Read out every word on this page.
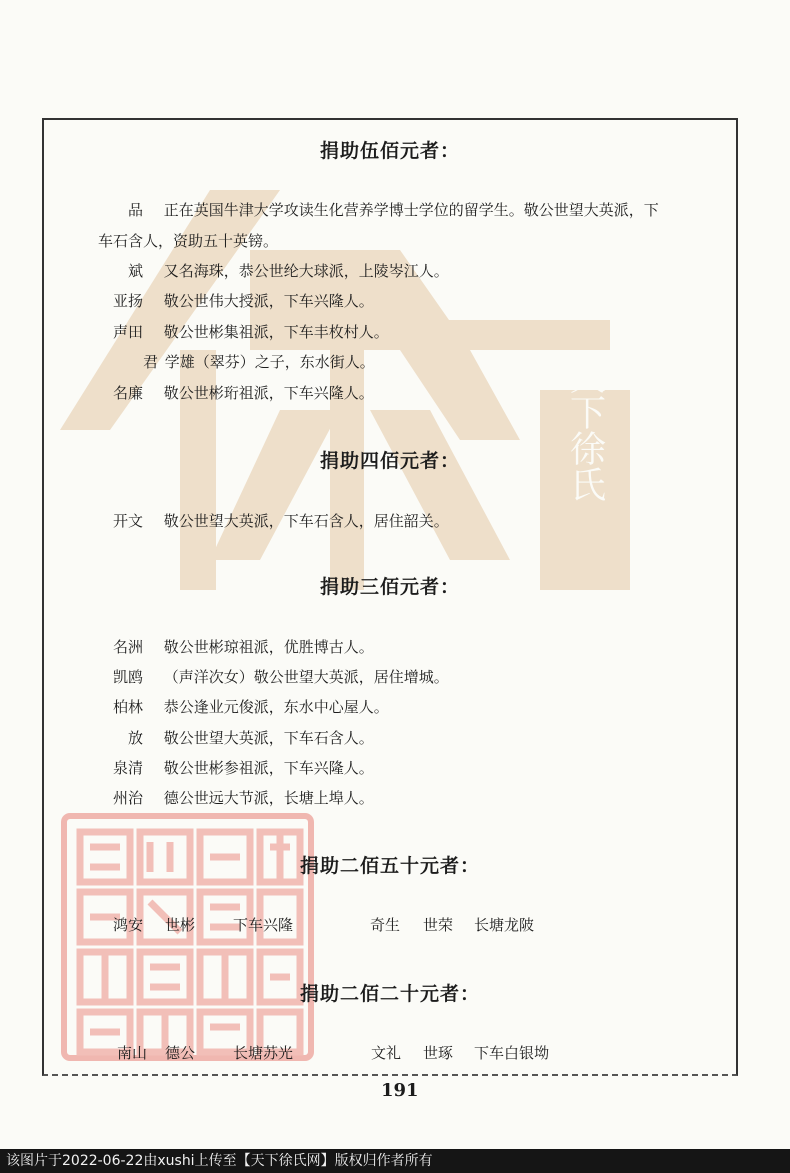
天下徐氏
捐助伍佰元者：
品 正在英国牛津大学攻读生化营养学博士学位的留学生。敬公世望大英派，下
车石含人，资助五十英镑。
斌 又名海珠，恭公世纶大球派，上陵岑江人。
亚扬 敬公世伟大授派，下车兴隆人。
声田 敬公世彬集祖派，下车丰枚村人。
君 学雄（翠芬）之子，东水街人。
名廉 敬公世彬珩祖派，下车兴隆人。
捐助四佰元者：
开文 敬公世望大英派，下车石含人，居住韶关。
捐助三佰元者：
名洲 敬公世彬琼祖派，优胜博古人。
凯鸥 （声洋次女）敬公世望大英派，居住增城。
柏林 恭公逢业元俊派，东水中心屋人。
放 敬公世望大英派，下车石含人。
泉清 敬公世彬参祖派，下车兴隆人。
州治 德公世远大节派，长塘上埠人。
捐助二佰五十元者：
鸿安 世彬	下车兴隆	奇生 世荣 长塘龙陂
捐助二佰二十元者：
南山 德公	长塘苏光	文礼 世琢 下车白银坳
191
该图片于2022-06-22由xushi上传至【天下徐氏网】版权归作者所有
